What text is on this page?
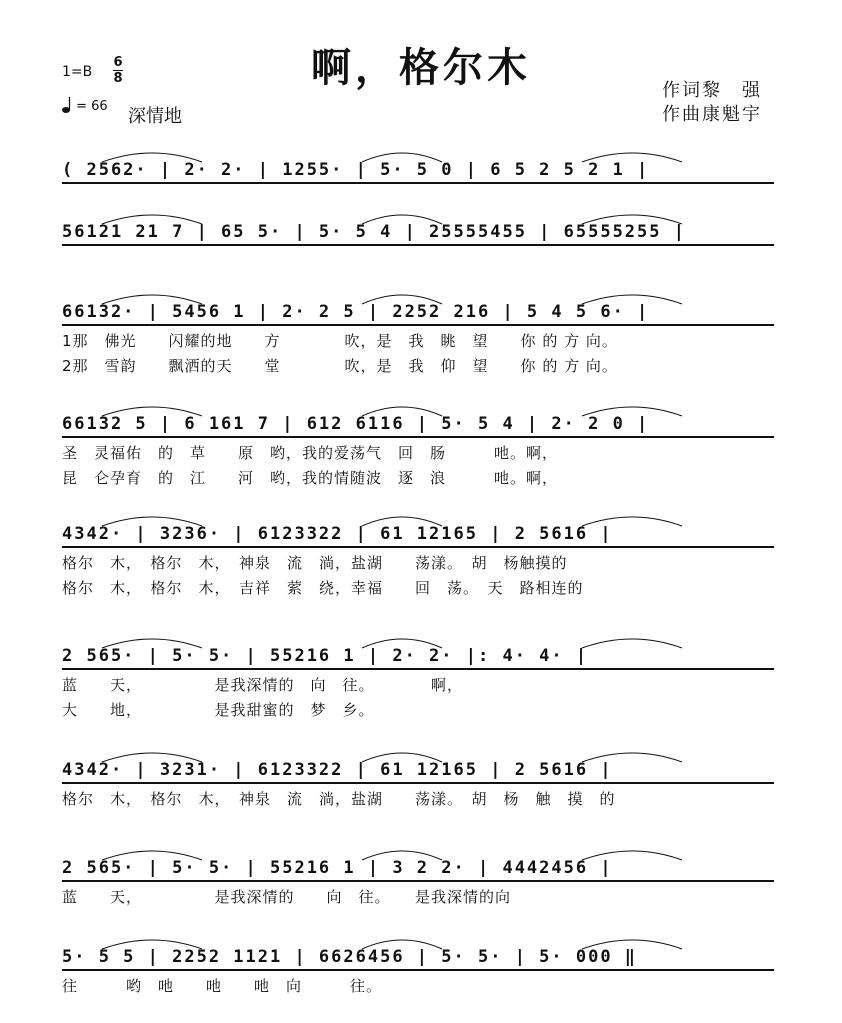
啊，格尔木
1=B
6
8
= 66 深情地
作词黎　强
作曲康魁宇
( 2562· | 2· 2· | 1255· | 5· 5 0 | 6 5 2 5 2 1 |
56121 21 7 | 65 5· | 5· 5 4 | 25555455 | 65555255 |
66132· | 5456 1 | 2· 2 5 | 2252 216 | 5 4 5 6· |
1那　佛光　　闪耀的地　　方　　　　吹，是　我　眺　望　　你 的 方 向。
2那　雪韵　　飘洒的天　　堂　　　　吹，是　我　仰　望　　你 的 方 向。
66132 5 | 6 161 7 | 612 6116 | 5· 5 4 | 2· 2 0 |
圣　灵福佑　的　草　　原　哟，我的爱荡气　回　肠　　　吔。啊，
昆　仑孕育　的　江　　河　哟，我的情随波　逐　浪　　　吔。啊，
4342· | 3236· | 6123322 | 61 12165 | 2 5616 |
格尔　木，　格尔　木，　神泉　流　淌，盐湖　　荡漾。　胡　杨触摸的
格尔　木，　格尔　木，　吉祥　萦　绕，幸福　　回　荡。　天　路相连的
2 565· | 5· 5· | 55216 1 | 2· 2· |: 4· 4· |
蓝　　天，　　　　　是我深情的　向　往。　　　　啊，
大　　地，　　　　　是我甜蜜的　梦　乡。
4342· | 3231· | 6123322 | 61 12165 | 2 5616 |
格尔　木，　格尔　木，　神泉　流　淌，盐湖　　荡漾。　胡　杨　触　摸　的
2 565· | 5· 5· | 55216 1 | 3 2 2· | 4442456 |
蓝　　天，　　　　　是我深情的　　向　往。　　是我深情的向
5· 5 5 | 2252 1121 | 6626456 | 5· 5· | 5· 000 ‖
往　　　哟　吔　　吔　　吔　向　　　往。
